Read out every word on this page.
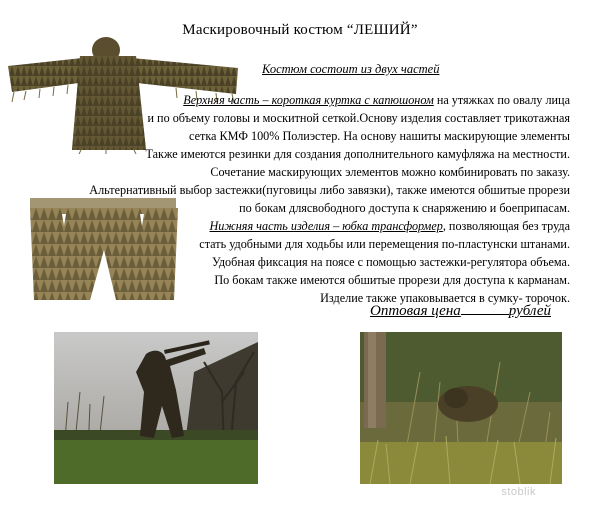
Маскировочный костюм “ЛЕШИЙ”
Костюм состоит из двух частей
Верхняя часть – короткая куртка с капюшоном на утяжках по овалу лица
и по объему головы и москитной сеткой.Основу изделия составляет трикотажная
сетка КМФ 100% Полиэстер. На основу нашиты маскирующие элементы
Также имеются резинки для создания дополнительного камуфляжа на местности.
Сочетание маскирующих элементов можно комбинировать по заказу.
Альтернативный выбор застежки(пуговицы либо завязки), также имеются обшитые прорези
по бокам длясвободного доступа к снаряжению и боеприпасам.
Нижняя часть изделия – юбка трансформер, позволяющая без труда
стать удобными для ходьбы или перемещения по-пластунски штанами.
Удобная фиксация на поясе с помощью застежки-регулятора объема.
По бокам также имеются обшитые прорези для доступа к карманам.
Изделие также упаковывается в сумку- торочок.
Оптовая цена	рублей
stoblik
